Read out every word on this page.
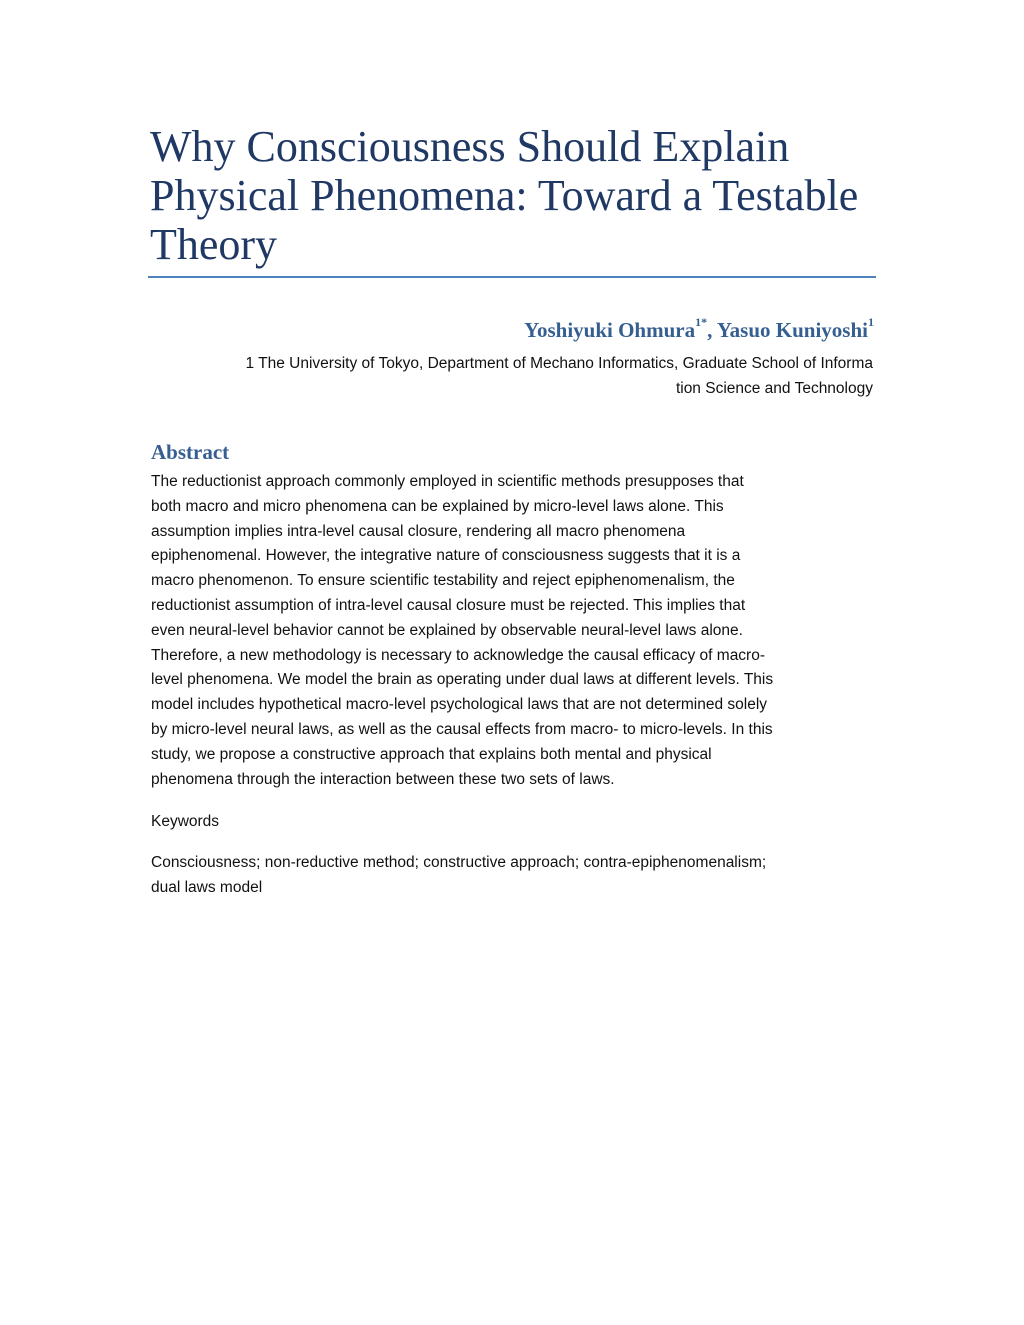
Why Consciousness Should Explain
Physical Phenomena: Toward a Testable
Theory
Yoshiyuki Ohmura$^{1*}$, Yasuo Kuniyoshi$^1$
1 The University of Tokyo, Department of Mechano Informatics, Graduate School of Informa
tion Science and Technology
Abstract

The reductionist approach commonly employed in scientific methods presupposes that
both macro and micro phenomena can be explained by micro-level laws alone. This
assumption implies intra-level causal closure, rendering all macro phenomena
epiphenomenal. However, the integrative nature of consciousness suggests that it is a
macro phenomenon. To ensure scientific testability and reject epiphenomenalism, the
reductionist assumption of intra-level causal closure must be rejected. This implies that
even neural-level behavior cannot be explained by observable neural-level laws alone.
Therefore, a new methodology is necessary to acknowledge the causal efficacy of macro-
level phenomena. We model the brain as operating under dual laws at different levels. This
model includes hypothetical macro-level psychological laws that are not determined solely
by micro-level neural laws, as well as the causal effects from macro- to micro-levels. In this
study, we propose a constructive approach that explains both mental and physical
phenomena through the interaction between these two sets of laws.

Keywords

Consciousness; non-reductive method; constructive approach; contra-epiphenomenalism;
dual laws model
